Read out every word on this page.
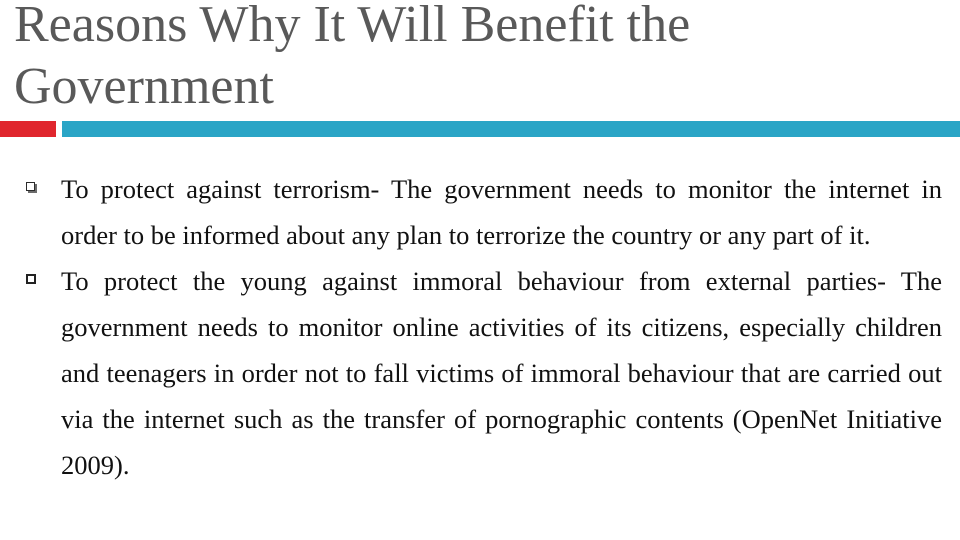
Reasons Why It Will Benefit the Government
To protect against terrorism- The government needs to monitor the internet in order to be informed about any plan to terrorize the country or any part of it.
To protect the young against immoral behaviour from external parties- The government needs to monitor online activities of its citizens, especially children and teenagers in order not to fall victims of immoral behaviour that are carried out via the internet such as the transfer of pornographic contents (OpenNet Initiative 2009).
